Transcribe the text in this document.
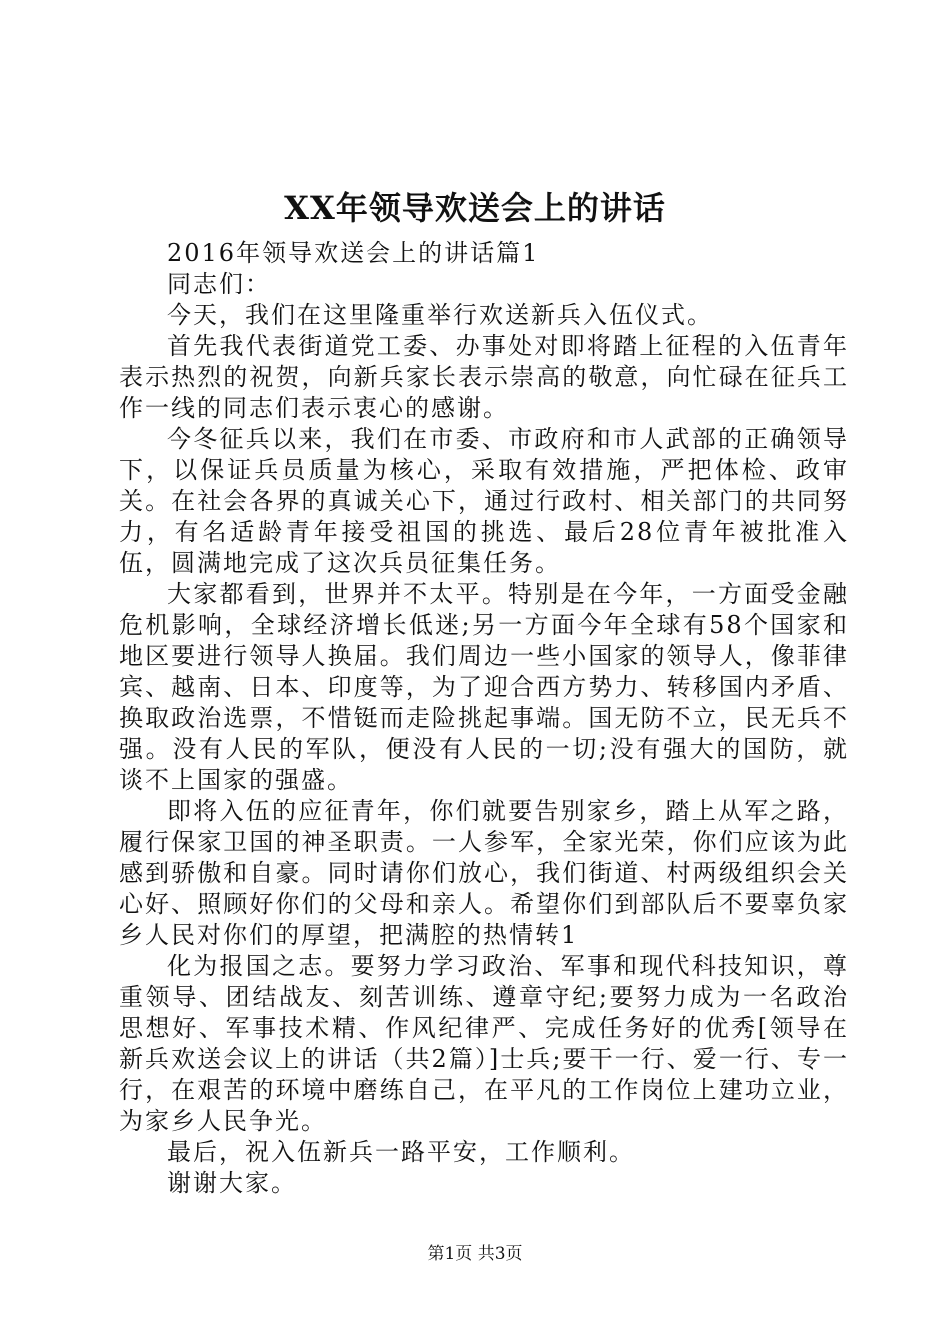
XX年领导欢送会上的讲话

2016年领导欢送会上的讲话篇1

同志们：

今天，我们在这里隆重举行欢送新兵入伍仪式。

首先我代表街道党工委、办事处对即将踏上征程的入伍青年表示热烈的祝贺，向新兵家长表示崇高的敬意，向忙碌在征兵工作一线的同志们表示衷心的感谢。

今冬征兵以来，我们在市委、市政府和市人武部的正确领导下，以保证兵员质量为核心，采取有效措施，严把体检、政审关。在社会各界的真诚关心下，通过行政村、相关部门的共同努力，有名适龄青年接受祖国的挑选、最后28位青年被批准入伍，圆满地完成了这次兵员征集任务。

大家都看到，世界并不太平。特别是在今年，一方面受金融危机影响，全球经济增长低迷;另一方面今年全球有58个国家和地区要进行领导人换届。我们周边一些小国家的领导人，像菲律宾、越南、日本、印度等，为了迎合西方势力、转移国内矛盾、换取政治选票，不惜铤而走险挑起事端。国无防不立，民无兵不强。没有人民的军队，便没有人民的一切;没有强大的国防，就谈不上国家的强盛。

即将入伍的应征青年，你们就要告别家乡，踏上从军之路，履行保家卫国的神圣职责。一人参军，全家光荣，你们应该为此感到骄傲和自豪。同时请你们放心，我们街道、村两级组织会关心好、照顾好你们的父母和亲人。希望你们到部队后不要辜负家乡人民对你们的厚望，把满腔的热情转1

化为报国之志。要努力学习政治、军事和现代科技知识，尊重领导、团结战友、刻苦训练、遵章守纪;要努力成为一名政治思想好、军事技术精、作风纪律严、完成任务好的优秀[领导在新兵欢送会议上的讲话（共2篇）]士兵;要干一行、爱一行、专一行，在艰苦的环境中磨练自己，在平凡的工作岗位上建功立业，为家乡人民争光。

最后，祝入伍新兵一路平安，工作顺利。

谢谢大家。

第1页 共3页
